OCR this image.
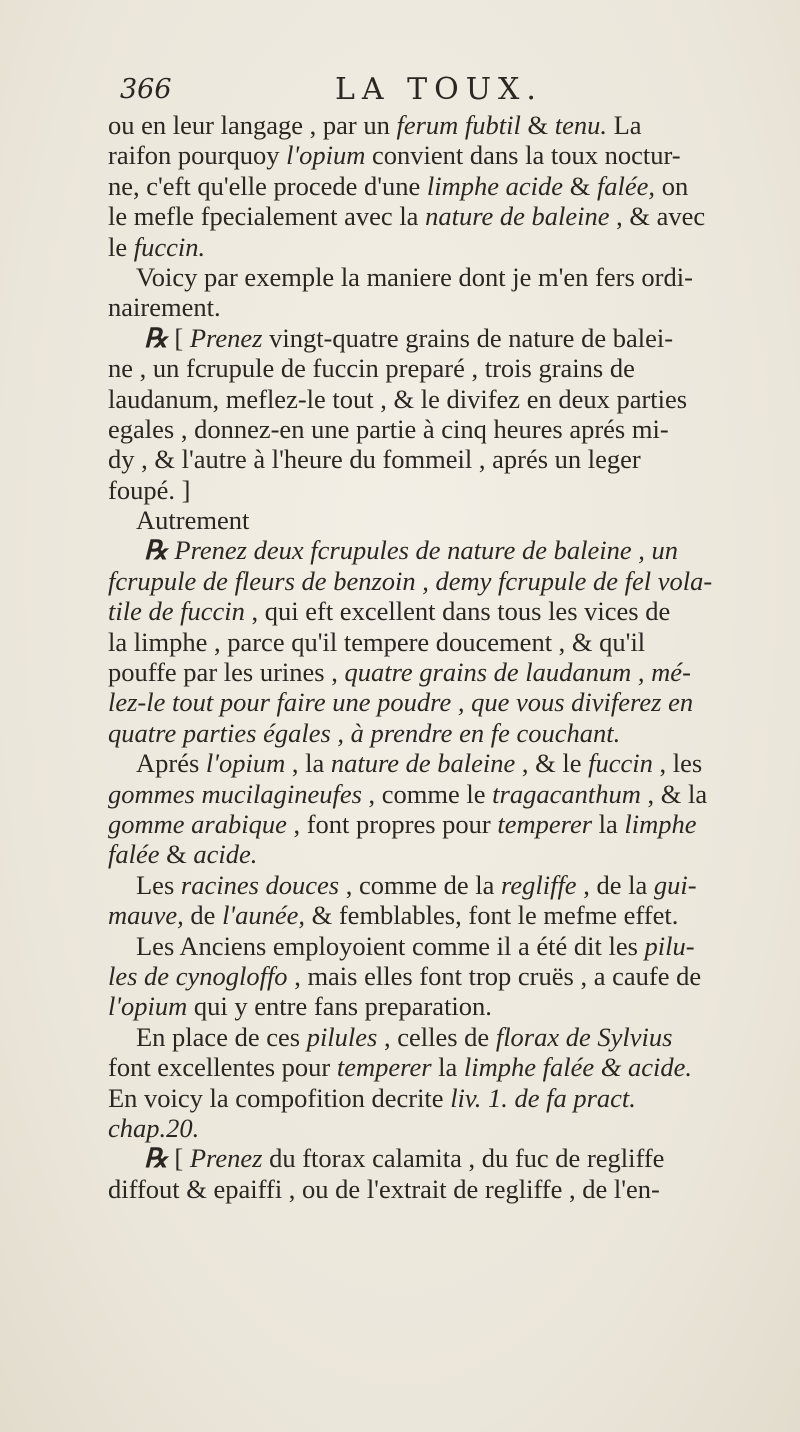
366	LA TOUX.
ou en leur langage , par un ferum fubtil & tenu. La
raifon pourquoy l'opium convient dans la toux noctur-
ne, c'eft qu'elle procede d'une limphe acide & falée, on
le mefle fpecialement avec la nature de baleine , & avec
le fuccin.
Voicy par exemple la maniere dont je m'en fers ordi-
nairement.
℞ [ Prenez vingt-quatre grains de nature de balei-
ne , un fcrupule de fuccin preparé , trois grains de
laudanum, meflez-le tout , & le divifez en deux parties
egales , donnez-en une partie à cinq heures aprés mi-
dy , & l'autre à l'heure du fommeil , aprés un leger
foupé. ]
Autrement
℞ Prenez deux fcrupules de nature de baleine , un
fcrupule de fleurs de benzoin , demy fcrupule de fel vola-
tile de fuccin , qui eft excellent dans tous les vices de
la limphe , parce qu'il tempere doucement , & qu'il
pouffe par les urines , quatre grains de laudanum , mé-
lez-le tout pour faire une poudre , que vous diviferez en
quatre parties égales , à prendre en fe couchant.
Aprés l'opium , la nature de baleine , & le fuccin , les
gommes mucilagineufes , comme le tragacanthum , & la
gomme arabique , font propres pour temperer la limphe
falée & acide.
Les racines douces , comme de la regliffe , de la gui-
mauve, de l'aunée, & femblables, font le mefme effet.
Les Anciens employoient comme il a été dit les pilu-
les de cynogloffo , mais elles font trop cruës , a caufe de
l'opium qui y entre fans preparation.
En place de ces pilules , celles de florax de Sylvius
font excellentes pour temperer la limphe falée & acide.
En voicy la compofition decrite liv. 1. de fa pract.
chap.20.
℞ [ Prenez du ftorax calamita , du fuc de regliffe
diffout & epaiffi , ou de l'extrait de regliffe , de l'en-
